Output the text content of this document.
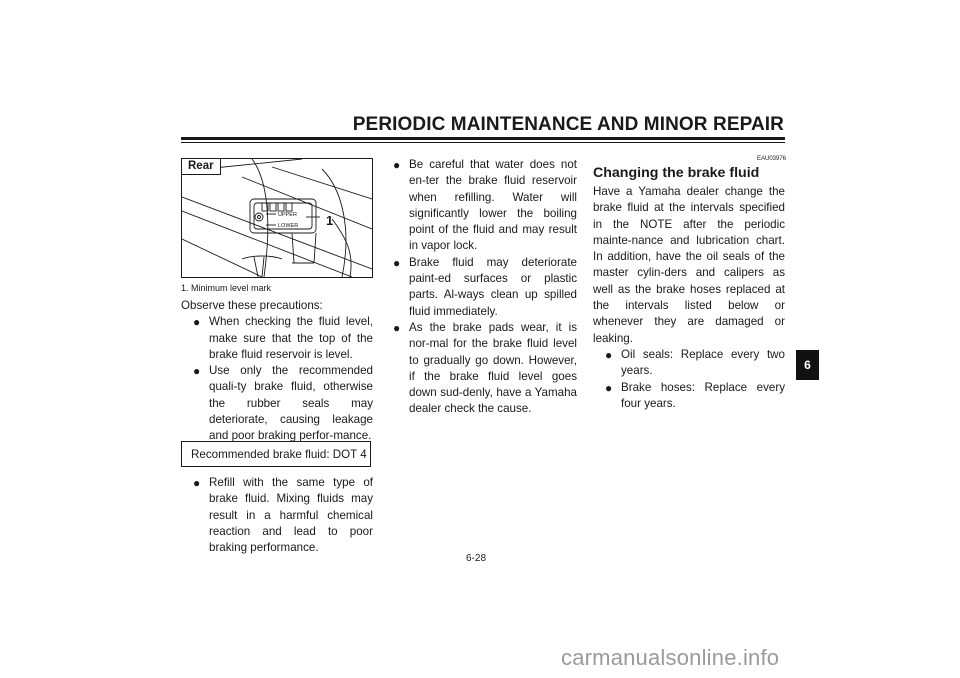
PERIODIC MAINTENANCE AND MINOR REPAIR
Rear
UPPER
LOWER 1
1. Minimum level mark

Observe these precautions:

● When checking the fluid level, make sure that the top of the brake fluid reservoir is level.
● Use only the recommended quali-ty brake fluid, otherwise the rubber seals may deteriorate, causing leakage and poor braking perfor-mance.
Recommended brake fluid: DOT 4
● Refill with the same type of brake fluid. Mixing fluids may result in a harmful chemical reaction and lead to poor braking performance.
● Be careful that water does not en-ter the brake fluid reservoir when refilling. Water will significantly lower the boiling point of the fluid and may result in vapor lock.
● Brake fluid may deteriorate paint-ed surfaces or plastic parts. Al-ways clean up spilled fluid immediately.
● As the brake pads wear, it is nor-mal for the brake fluid level to gradually go down. However, if the brake fluid level goes down sud-denly, have a Yamaha dealer check the cause.
EAU03976
Changing the brake fluid

Have a Yamaha dealer change the brake fluid at the intervals specified in the NOTE after the periodic mainte-nance and lubrication chart. In addition, have the oil seals of the master cylin-ders and calipers as well as the brake hoses replaced at the intervals listed below or whenever they are damaged or leaking.

● Oil seals: Replace every two years.
● Brake hoses: Replace every four years.
6-28
6
carmanualsonline.info
